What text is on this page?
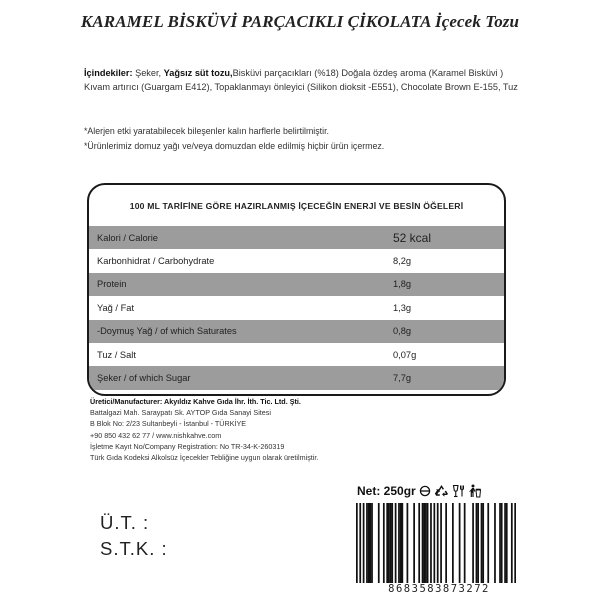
KARAMEL BİSKÜVİ PARÇACIKLI ÇİKOLATA İçecek Tozu
İçindekiler: Şeker, Yağsız süt tozu,Bisküvi parçacıkları (%18) Doğala özdeş aroma (Karamel Bisküvi ) Kıvam artırıcı (Guargam E412), Topaklanmayı önleyici (Silikon dioksit -E551), Chocolate Brown E-155, Tuz
*Alerjen etki yaratabilecek bileşenler kalın harflerle belirtilmiştir.
*Ürünlerimiz domuz yağı ve/veya domuzdan elde edilmiş hiçbir ürün içermez.
100 ML TARİFİNE GÖRE HAZIRLANMIŞ İÇECEĞİN ENERJİ VE BESİN ÖĞELERİ
Kalori / Calorie	52 kcal
Karbonhidrat / Carbohydrate	8,2g
Protein	1,8g
Yağ / Fat	1,3g
-Doymuş Yağ / of which Saturates	0,8g
Tuz / Salt	0,07g
Şeker / of which Sugar	7,7g
Üretici/Manufacturer: Akyıldız Kahve Gıda İhr. İth. Tic. Ltd. Şti.
Battalgazi Mah. Saraypatı Sk. AYTOP Gıda Sanayi Sitesi
B Blok No: 2/23 Sultanbeyli - İstanbul - TÜRKİYE
+90 850 432 62 77 / www.nishkahve.com
İşletme Kayıt No/Company Registration: No TR-34-K-260319
Türk Gıda Kodeksi Alkolsüz İçecekler Tebliğine uygun olarak üretilmiştir.
Net: 250gr
Ü.T. :
S.T.K. :
8683583873272
